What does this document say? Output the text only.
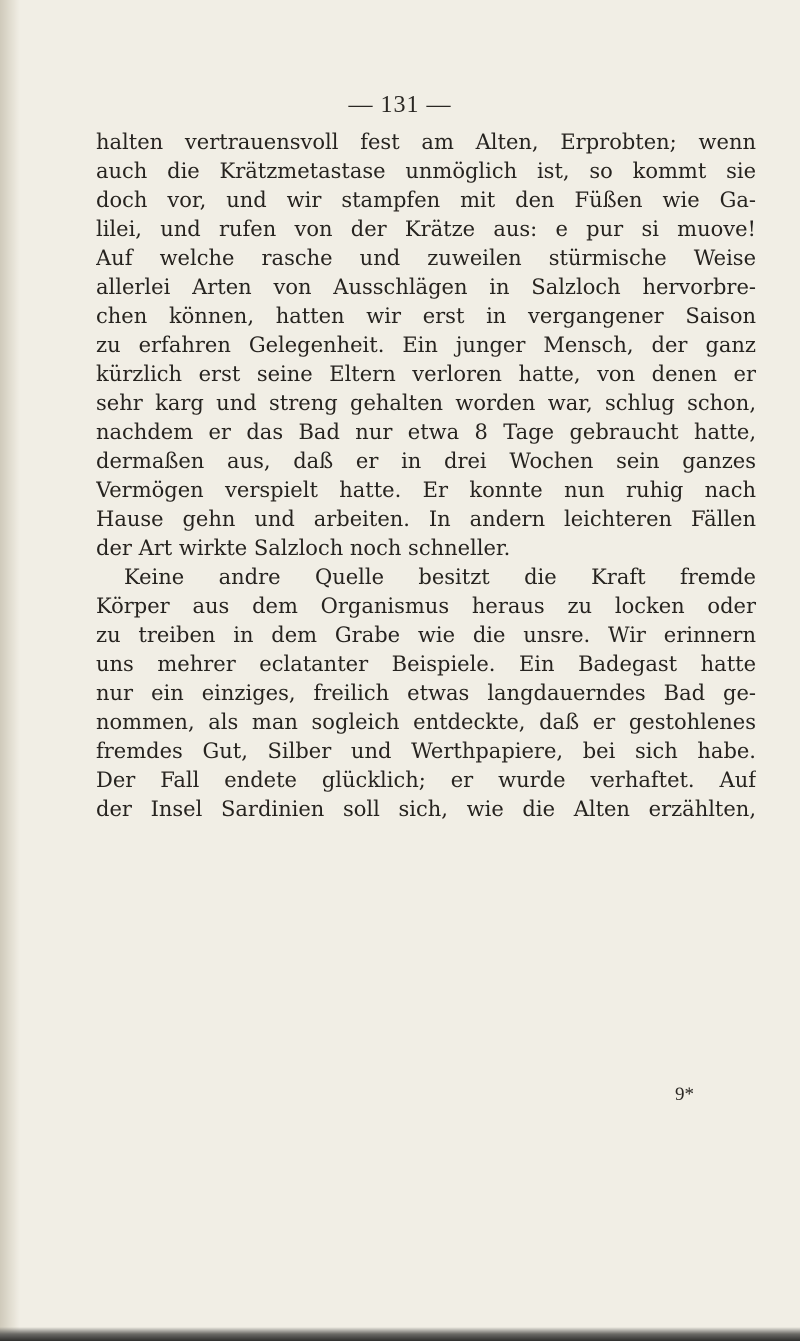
— 131 —
halten vertrauensvoll fest am Alten, Erprobten; wenn
auch die Krätzmetastase unmöglich ist, so kommt sie
doch vor, und wir stampfen mit den Füßen wie Ga-
lilei, und rufen von der Krätze aus: e pur si muove!
Auf welche rasche und zuweilen stürmische Weise
allerlei Arten von Ausschlägen in Salzloch hervorbre-
chen können, hatten wir erst in vergangener Saison
zu erfahren Gelegenheit. Ein junger Mensch, der ganz
kürzlich erst seine Eltern verloren hatte, von denen er
sehr karg und streng gehalten worden war, schlug schon,
nachdem er das Bad nur etwa 8 Tage gebraucht hatte,
dermaßen aus, daß er in drei Wochen sein ganzes
Vermögen verspielt hatte. Er konnte nun ruhig nach
Hause gehn und arbeiten. In andern leichteren Fällen
der Art wirkte Salzloch noch schneller.
Keine andre Quelle besitzt die Kraft fremde
Körper aus dem Organismus heraus zu locken oder
zu treiben in dem Grabe wie die unsre. Wir erinnern
uns mehrer eclatanter Beispiele. Ein Badegast hatte
nur ein einziges, freilich etwas langdauerndes Bad ge-
nommen, als man sogleich entdeckte, daß er gestohlenes
fremdes Gut, Silber und Werthpapiere, bei sich habe.
Der Fall endete glücklich; er wurde verhaftet. Auf
der Insel Sardinien soll sich, wie die Alten erzählten,
9*
